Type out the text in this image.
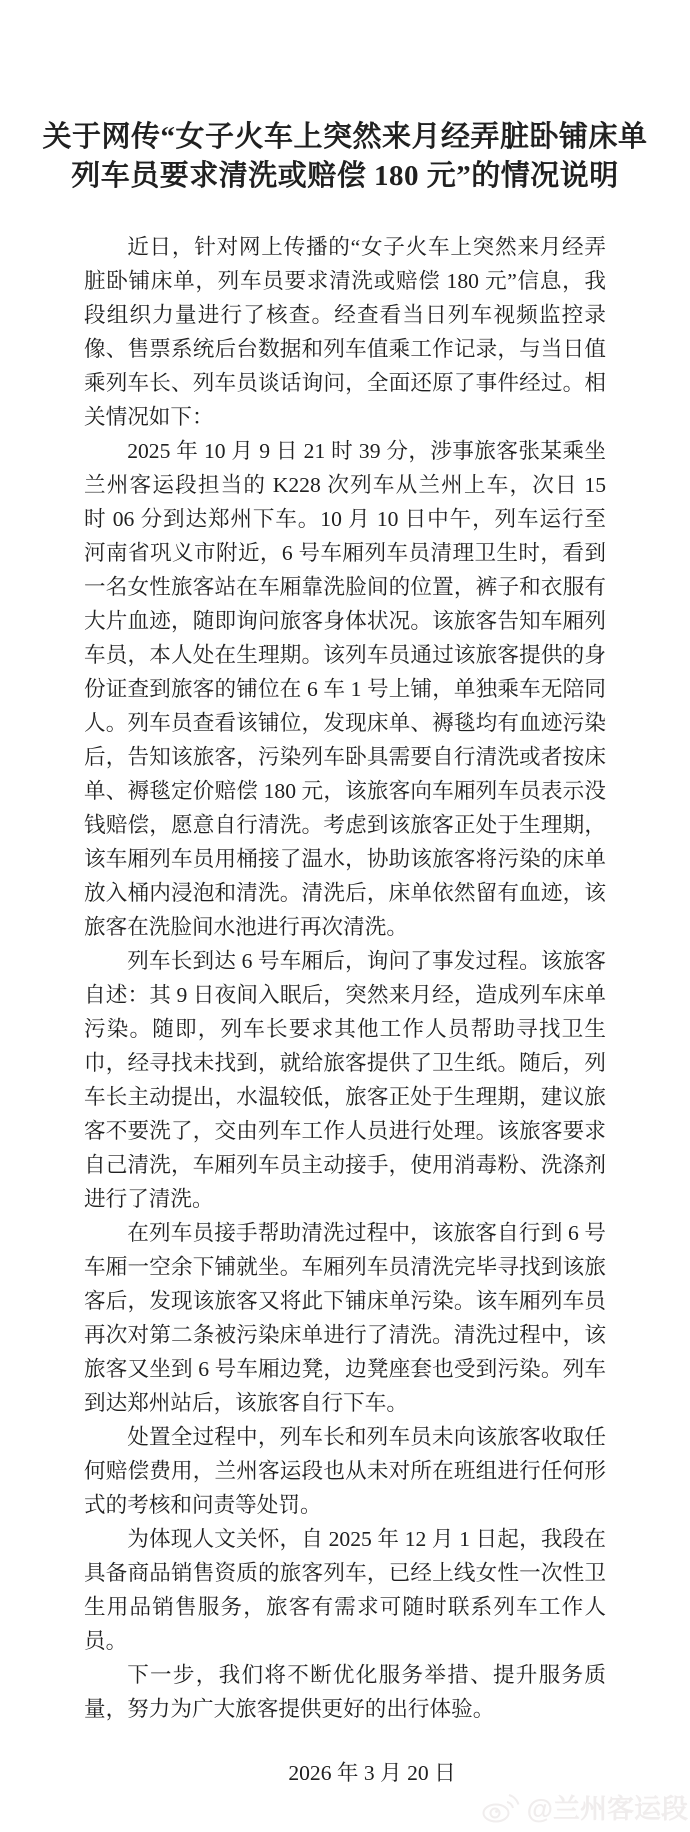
关于网传“女子火车上突然来月经弄脏卧铺床单
列车员要求清洗或赔偿 180 元”的情况说明

近日，针对网上传播的“女子火车上突然来月经弄脏卧铺床单，列车员要求清洗或赔偿 180 元”信息，我段组织力量进行了核查。经查看当日列车视频监控录像、售票系统后台数据和列车值乘工作记录，与当日值乘列车长、列车员谈话询问，全面还原了事件经过。相关情况如下：

2025 年 10 月 9 日 21 时 39 分，涉事旅客张某乘坐兰州客运段担当的 K228 次列车从兰州上车，次日 15 时 06 分到达郑州下车。10 月 10 日中午，列车运行至河南省巩义市附近，6 号车厢列车员清理卫生时，看到一名女性旅客站在车厢靠洗脸间的位置，裤子和衣服有大片血迹，随即询问旅客身体状况。该旅客告知车厢列车员，本人处在生理期。该列车员通过该旅客提供的身份证查到旅客的铺位在 6 车 1 号上铺，单独乘车无陪同人。列车员查看该铺位，发现床单、褥毯均有血迹污染后，告知该旅客，污染列车卧具需要自行清洗或者按床单、褥毯定价赔偿 180 元，该旅客向车厢列车员表示没钱赔偿，愿意自行清洗。考虑到该旅客正处于生理期，该车厢列车员用桶接了温水，协助该旅客将污染的床单放入桶内浸泡和清洗。清洗后，床单依然留有血迹，该旅客在洗脸间水池进行再次清洗。

列车长到达 6 号车厢后，询问了事发过程。该旅客自述：其 9 日夜间入眠后，突然来月经，造成列车床单污染。随即，列车长要求其他工作人员帮助寻找卫生巾，经寻找未找到，就给旅客提供了卫生纸。随后，列车长主动提出，水温较低，旅客正处于生理期，建议旅客不要洗了，交由列车工作人员进行处理。该旅客要求自己清洗，车厢列车员主动接手，使用消毒粉、洗涤剂进行了清洗。

在列车员接手帮助清洗过程中，该旅客自行到 6 号车厢一空余下铺就坐。车厢列车员清洗完毕寻找到该旅客后，发现该旅客又将此下铺床单污染。该车厢列车员再次对第二条被污染床单进行了清洗。清洗过程中，该旅客又坐到 6 号车厢边凳，边凳座套也受到污染。列车到达郑州站后，该旅客自行下车。

处置全过程中，列车长和列车员未向该旅客收取任何赔偿费用，兰州客运段也从未对所在班组进行任何形式的考核和问责等处罚。

为体现人文关怀，自 2025 年 12 月 1 日起，我段在具备商品销售资质的旅客列车，已经上线女性一次性卫生用品销售服务，旅客有需求可随时联系列车工作人员。

下一步，我们将不断优化服务举措、提升服务质量，努力为广大旅客提供更好的出行体验。

2026 年 3 月 20 日
@兰州客运段
